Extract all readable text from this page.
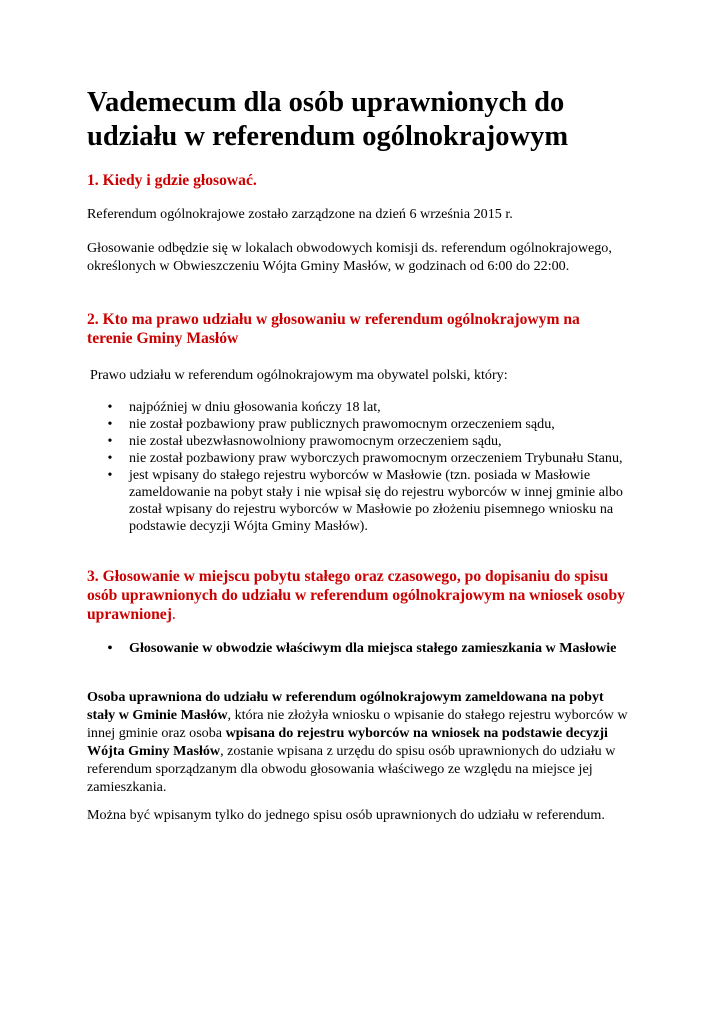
Vademecum dla osób uprawnionych do udziału w referendum ogólnokrajowym
1. Kiedy i gdzie głosować.

Referendum ogólnokrajowe zostało zarządzone na dzień 6 września 2015 r.

Głosowanie odbędzie się w lokalach obwodowych komisji ds. referendum ogólnokrajowego, określonych w Obwieszczeniu Wójta Gminy Masłów, w godzinach od 6:00 do 22:00.

2. Kto ma prawo udziału w głosowaniu w referendum ogólnokrajowym na terenie Gminy Masłów

Prawo udziału w referendum ogólnokrajowym ma obywatel polski, który:

• najpóźniej w dniu głosowania kończy 18 lat,
• nie został pozbawiony praw publicznych prawomocnym orzeczeniem sądu,
• nie został ubezwłasnowolniony prawomocnym orzeczeniem sądu,
• nie został pozbawiony praw wyborczych prawomocnym orzeczeniem Trybunału Stanu,
• jest wpisany do stałego rejestru wyborców w Masłowie (tzn. posiada w Masłowie zameldowanie na pobyt stały i nie wpisał się do rejestru wyborców w innej gminie albo został wpisany do rejestru wyborców w Masłowie po złożeniu pisemnego wniosku na podstawie decyzji Wójta Gminy Masłów).
3. Głosowanie w miejscu pobytu stałego oraz czasowego, po dopisaniu do spisu osób uprawnionych do udziału w referendum ogólnokrajowym na wniosek osoby uprawnionej.
• Głosowanie w obwodzie właściwym dla miejsca stałego zamieszkania w Masłowie

Osoba uprawniona do udziału w referendum ogólnokrajowym zameldowana na pobyt stały w Gminie Masłów, która nie złożyła wniosku o wpisanie do stałego rejestru wyborców w innej gminie oraz osoba wpisana do rejestru wyborców na wniosek na podstawie decyzji Wójta Gminy Masłów, zostanie wpisana z urzędu do spisu osób uprawnionych do udziału w referendum sporządzanym dla obwodu głosowania właściwego ze względu na miejsce jej zamieszkania.

Można być wpisanym tylko do jednego spisu osób uprawnionych do udziału w referendum.
